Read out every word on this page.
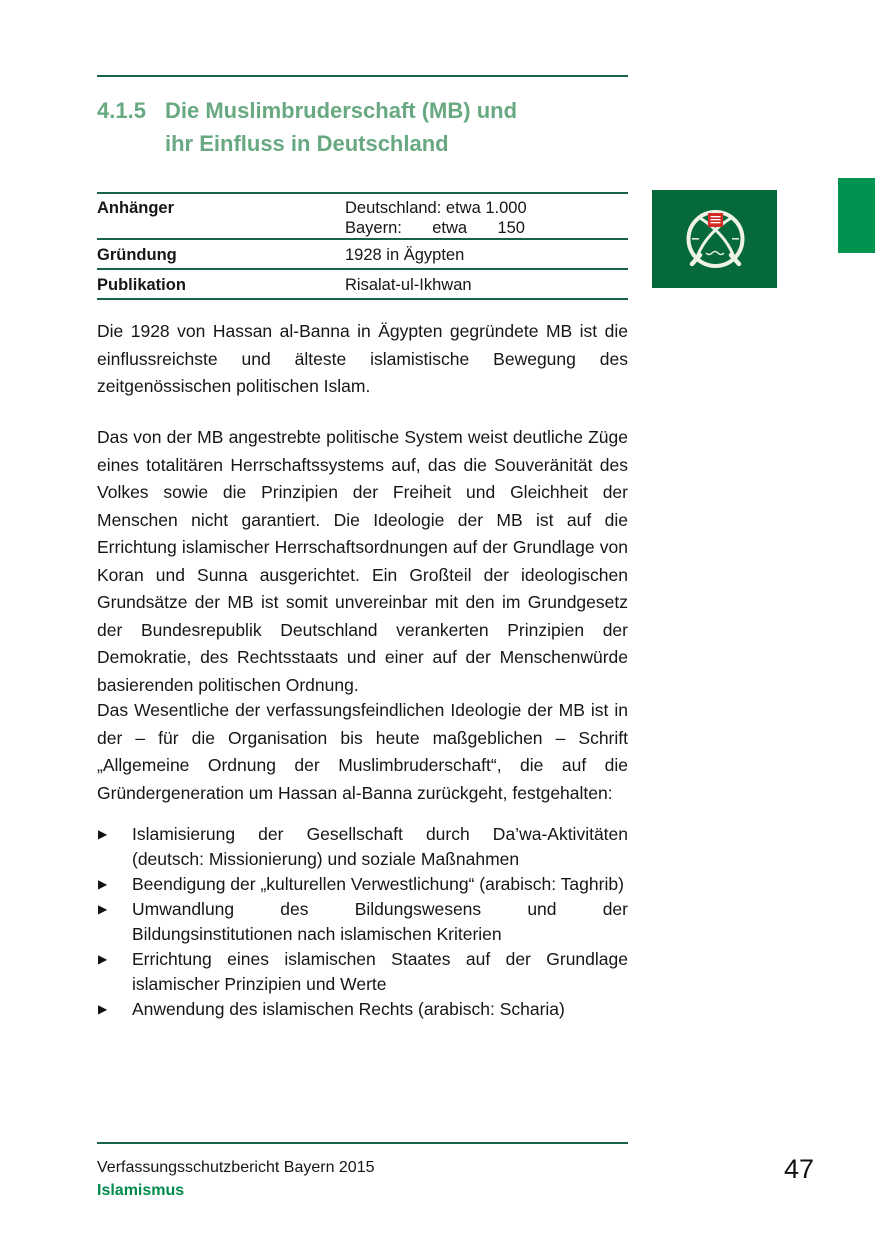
4.1.5 Die Muslimbruderschaft (MB) und
ihr Einfluss in Deutschland
Anhänger	Deutschland: etwa 1.000
Bayern: etwa 150
Gründung	1928 in Ägypten
Publikation	Risalat-ul-Ikhwan

Die 1928 von Hassan al-Banna in Ägypten gegründete MB ist die einflussreichste und älteste islamistische Bewegung des zeitgenössischen politischen Islam.

Das von der MB angestrebte politische System weist deutliche Züge eines totalitären Herrschaftssystems auf, das die Souveränität des Volkes sowie die Prinzipien der Freiheit und Gleichheit der Menschen nicht garantiert. Die Ideologie der MB ist auf die Errichtung islamischer Herrschaftsordnungen auf der Grundlage von Koran und Sunna ausgerichtet. Ein Großteil der ideologischen Grundsätze der MB ist somit unvereinbar mit den im Grundgesetz der Bundesrepublik Deutschland verankerten Prinzipien der Demokratie, des Rechtsstaats und einer auf der Menschenwürde basierenden politischen Ordnung.

Das Wesentliche der verfassungsfeindlichen Ideologie der MB ist in der – für die Organisation bis heute maßgeblichen – Schrift „Allgemeine Ordnung der Muslimbruderschaft“, die auf die Gründergeneration um Hassan al-Banna zurückgeht, festgehalten:

▶	Islamisierung der Gesellschaft durch Da’wa-Aktivitäten (deutsch: Missionierung) und soziale Maßnahmen
▶	Beendigung der „kulturellen Verwestlichung“ (arabisch: Taghrib)
▶	Umwandlung des Bildungswesens und der Bildungsinstitutionen nach islamischen Kriterien
▶	Errichtung eines islamischen Staates auf der Grundlage islamischer Prinzipien und Werte
▶	Anwendung des islamischen Rechts (arabisch: Scharia)
Verfassungsschutzbericht Bayern 2015
Islamismus
47
